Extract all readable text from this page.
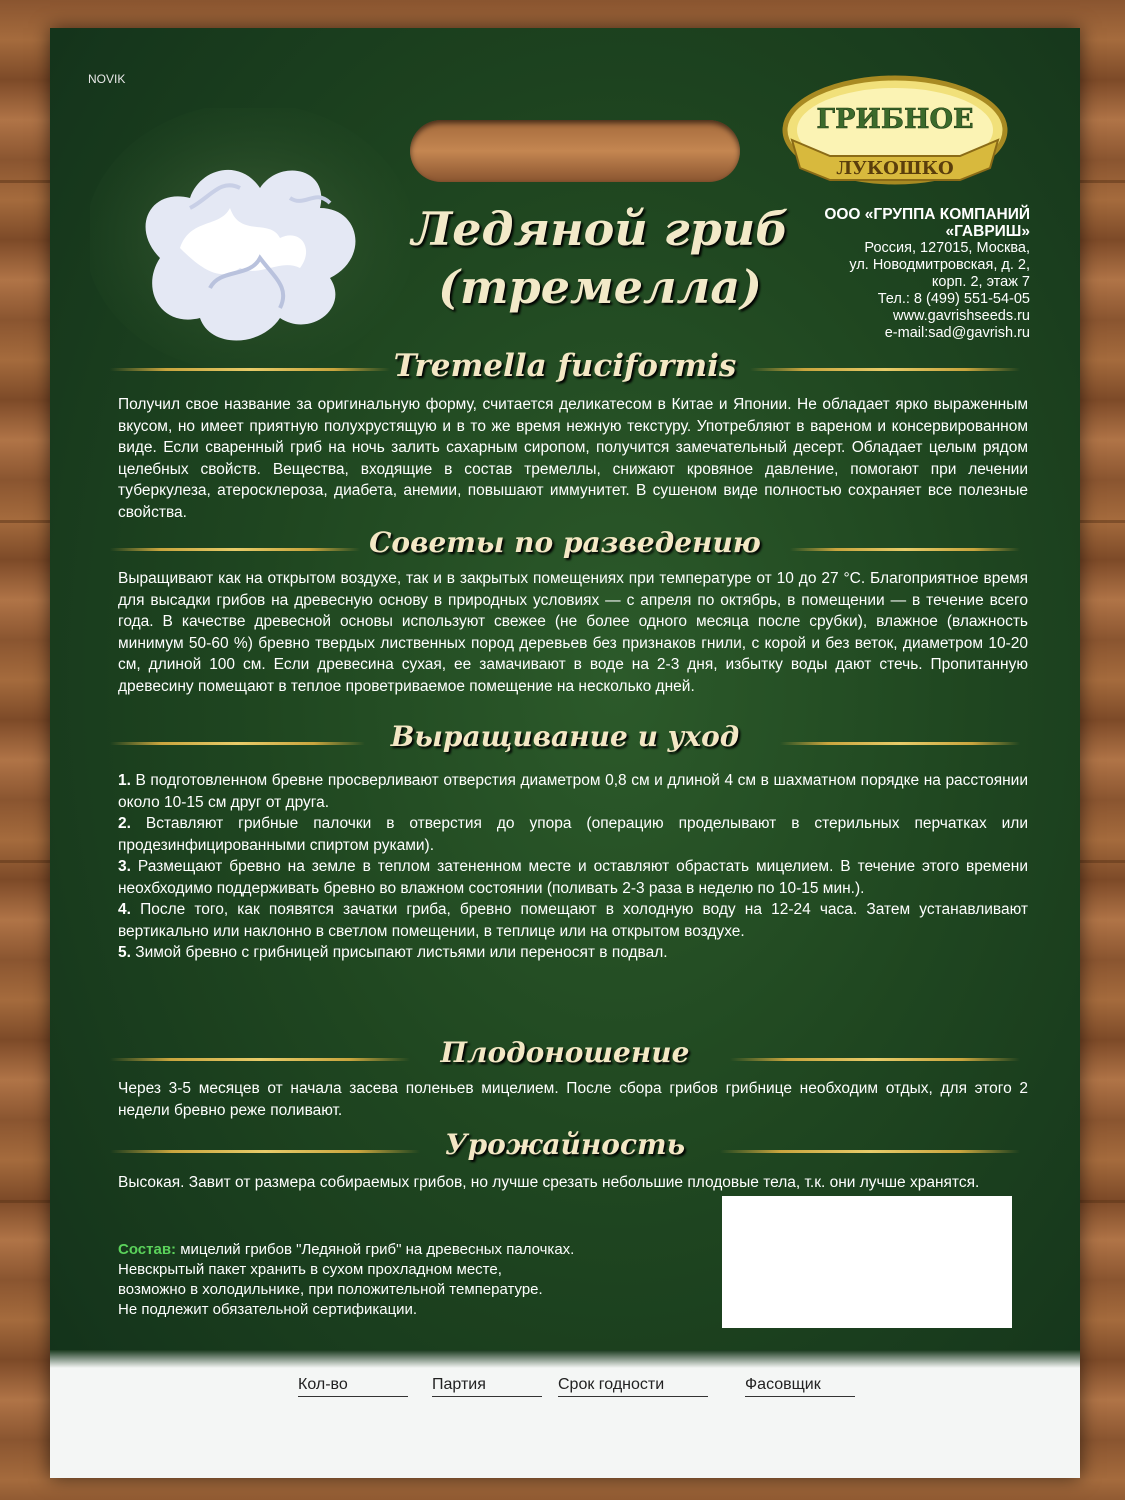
NOVIK
ГРИБНОЕ
ЛУКОШКО
Ледяной гриб
(тремелла)
ООО «ГРУППА КОМПАНИЙ
«ГАВРИШ»
Россия, 127015, Москва,
ул. Новодмитровская, д. 2,
корп. 2, этаж 7
Тел.: 8 (499) 551-54-05
www.gavrishseeds.ru
e-mail:sad@gavrish.ru
Tremella fuciformis

Получил свое название за оригинальную форму, считается деликатесом в Китае и Японии. Не обладает ярко выраженным вкусом, но имеет приятную полухрустящую и в то же время нежную текстуру. Употребляют в вареном и консервированном виде. Если сваренный гриб на ночь залить сахарным сиропом, получится замечательный десерт. Обладает целым рядом целебных свойств. Вещества, входящие в состав тремеллы, снижают кровяное давление, помогают при лечении туберкулеза, атеросклероза, диабета, анемии, повышают иммунитет. В сушеном виде полностью сохраняет все полезные свойства.

Советы по разведению

Выращивают как на открытом воздухе, так и в закрытых помещениях при температуре от 10 до 27 °С. Благоприятное время для высадки грибов на древесную основу в природных условиях — с апреля по октябрь, в помещении — в течение всего года. В качестве древесной основы используют свежее (не более одного месяца после срубки), влажное (влажность минимум 50-60 %) бревно твердых лиственных пород деревьев без признаков гнили, с корой и без веток, диаметром 10-20 см, длиной 100 см. Если древесина сухая, ее замачивают в воде на 2-3 дня, избытку воды дают стечь. Пропитанную древесину помещают в теплое проветриваемое помещение на несколько дней.

Выращивание и уход

1. В подготовленном бревне просверливают отверстия диаметром 0,8 см и длиной 4 см в шахматном порядке на расстоянии около 10-15 см друг от друга.

2. Вставляют грибные палочки в отверстия до упора (операцию проделывают в стерильных перчатках или продезинфицированными спиртом руками).

3. Размещают бревно на земле в теплом затененном месте и оставляют обрастать мицелием. В течение этого времени неохбходимо поддерживать бревно во влажном состоянии (поливать 2-3 раза в неделю по 10-15 мин.).

4. После того, как появятся зачатки гриба, бревно помещают в холодную воду на 12-24 часа. Затем устанавливают вертикально или наклонно в светлом помещении, в теплице или на открытом воздухе.

5. Зимой бревно с грибницей присыпают листьями или переносят в подвал.

Плодоношение

Через 3-5 месяцев от начала засева поленьев мицелием. После сбора грибов грибнице необходим отдых, для этого 2 недели бревно реже поливают.

Урожайность

Высокая. Завит от размера собираемых грибов, но лучше срезать небольшие плодовые тела, т.к. они лучше хранятся.

Состав: мицелий грибов "Ледяной гриб" на древесных палочках.

Невскрытый пакет хранить в сухом прохладном месте,

возможно в холодильнике, при положительной температуре.

Не подлежит обязательной сертификации.

Кол-во	Партия	Срок годности	Фасовщик
